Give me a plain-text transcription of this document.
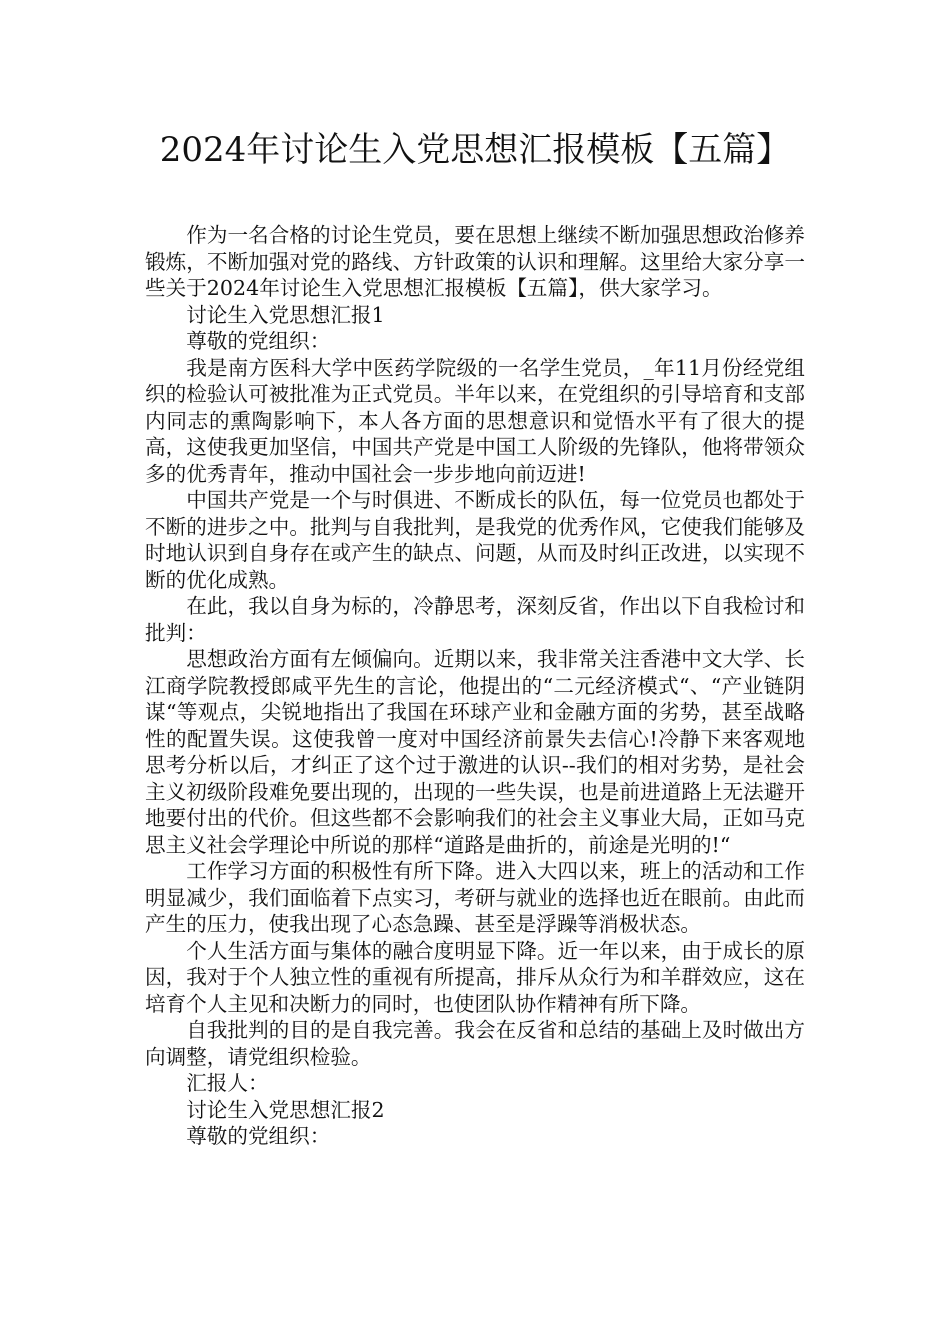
2024年讨论生入党思想汇报模板【五篇】

作为一名合格的讨论生党员，要在思想上继续不断加强思想政治修养锻炼，不断加强对党的路线、方针政策的认识和理解。这里给大家分享一些关于2024年讨论生入党思想汇报模板【五篇】，供大家学习。

讨论生入党思想汇报1

尊敬的党组织：

我是南方医科大学中医药学院级的一名学生党员，_年11月份经党组织的检验认可被批准为正式党员。半年以来，在党组织的引导培育和支部内同志的熏陶影响下，本人各方面的思想意识和觉悟水平有了很大的提高，这使我更加坚信，中国共产党是中国工人阶级的先锋队，他将带领众多的优秀青年，推动中国社会一步步地向前迈进!

中国共产党是一个与时俱进、不断成长的队伍，每一位党员也都处于不断的进步之中。批判与自我批判，是我党的优秀作风，它使我们能够及时地认识到自身存在或产生的缺点、问题，从而及时纠正改进，以实现不断的优化成熟。

在此，我以自身为标的，冷静思考，深刻反省，作出以下自我检讨和批判：

思想政治方面有左倾偏向。近期以来，我非常关注香港中文大学、长江商学院教授郎咸平先生的言论，他提出的“二元经济模式“、“产业链阴谋“等观点，尖锐地指出了我国在环球产业和金融方面的劣势，甚至战略性的配置失误。这使我曾一度对中国经济前景失去信心!冷静下来客观地思考分析以后，才纠正了这个过于激进的认识--我们的相对劣势，是社会主义初级阶段难免要出现的，出现的一些失误，也是前进道路上无法避开地要付出的代价。但这些都不会影响我们的社会主义事业大局，正如马克思主义社会学理论中所说的那样“道路是曲折的，前途是光明的!“

工作学习方面的积极性有所下降。进入大四以来，班上的活动和工作明显减少，我们面临着下点实习，考研与就业的选择也近在眼前。由此而产生的压力，使我出现了心态急躁、甚至是浮躁等消极状态。

个人生活方面与集体的融合度明显下降。近一年以来，由于成长的原因，我对于个人独立性的重视有所提高，排斥从众行为和羊群效应，这在培育个人主见和决断力的同时，也使团队协作精神有所下降。

自我批判的目的是自我完善。我会在反省和总结的基础上及时做出方向调整，请党组织检验。

汇报人：

讨论生入党思想汇报2

尊敬的党组织：
